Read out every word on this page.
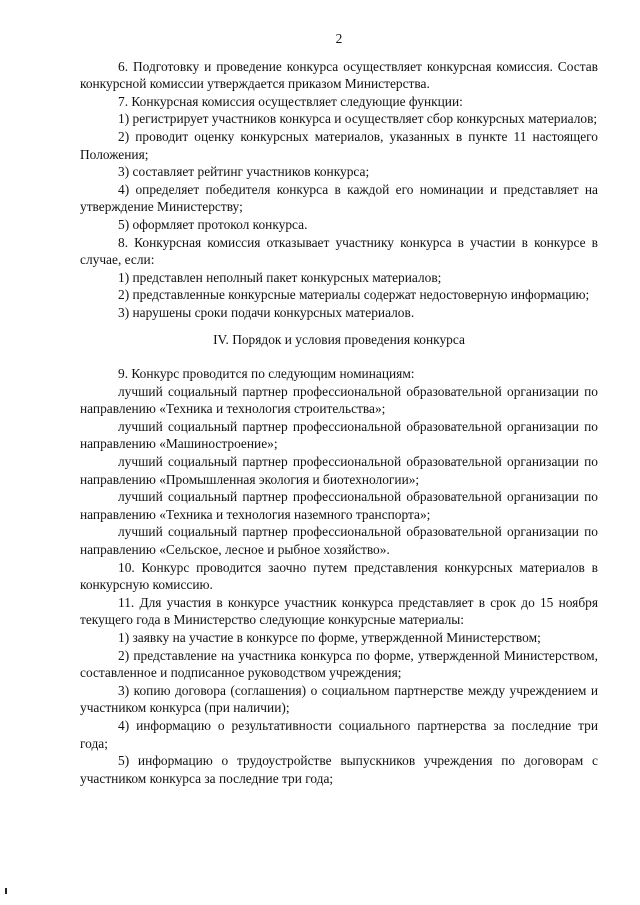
2

6. Подготовку и проведение конкурса осуществляет конкурсная комиссия. Состав конкурсной комиссии утверждается приказом Министерства.

7. Конкурсная комиссия осуществляет следующие функции:

1) регистрирует участников конкурса и осуществляет сбор конкурсных материалов;

2) проводит оценку конкурсных материалов, указанных в пункте 11 настоящего Положения;

3) составляет рейтинг участников конкурса;

4) определяет победителя конкурса в каждой его номинации и представляет на утверждение Министерству;

5) оформляет протокол конкурса.

8. Конкурсная комиссия отказывает участнику конкурса в участии в конкурсе в случае, если:

1) представлен неполный пакет конкурсных материалов;

2) представленные конкурсные материалы содержат недостоверную информацию;

3) нарушены сроки подачи конкурсных материалов.

IV. Порядок и условия проведения конкурса

9. Конкурс проводится по следующим номинациям:

лучший социальный партнер профессиональной образовательной организации по направлению «Техника и технология строительства»;

лучший социальный партнер профессиональной образовательной организации по направлению «Машиностроение»;

лучший социальный партнер профессиональной образовательной организации по направлению «Промышленная экология и биотехнологии»;

лучший социальный партнер профессиональной образовательной организации по направлению «Техника и технология наземного транспорта»;

лучший социальный партнер профессиональной образовательной организации по направлению «Сельское, лесное и рыбное хозяйство».

10. Конкурс проводится заочно путем представления конкурсных материалов в конкурсную комиссию.

11. Для участия в конкурсе участник конкурса представляет в срок до 15 ноября текущего года в Министерство следующие конкурсные материалы:

1) заявку на участие в конкурсе по форме, утвержденной Министерством;

2) представление на участника конкурса по форме, утвержденной Министерством, составленное и подписанное руководством учреждения;

3) копию договора (соглашения) о социальном партнерстве между учреждением и участником конкурса (при наличии);

4) информацию о результативности социального партнерства за последние три года;

5) информацию о трудоустройстве выпускников учреждения по договорам с участником конкурса за последние три года;
